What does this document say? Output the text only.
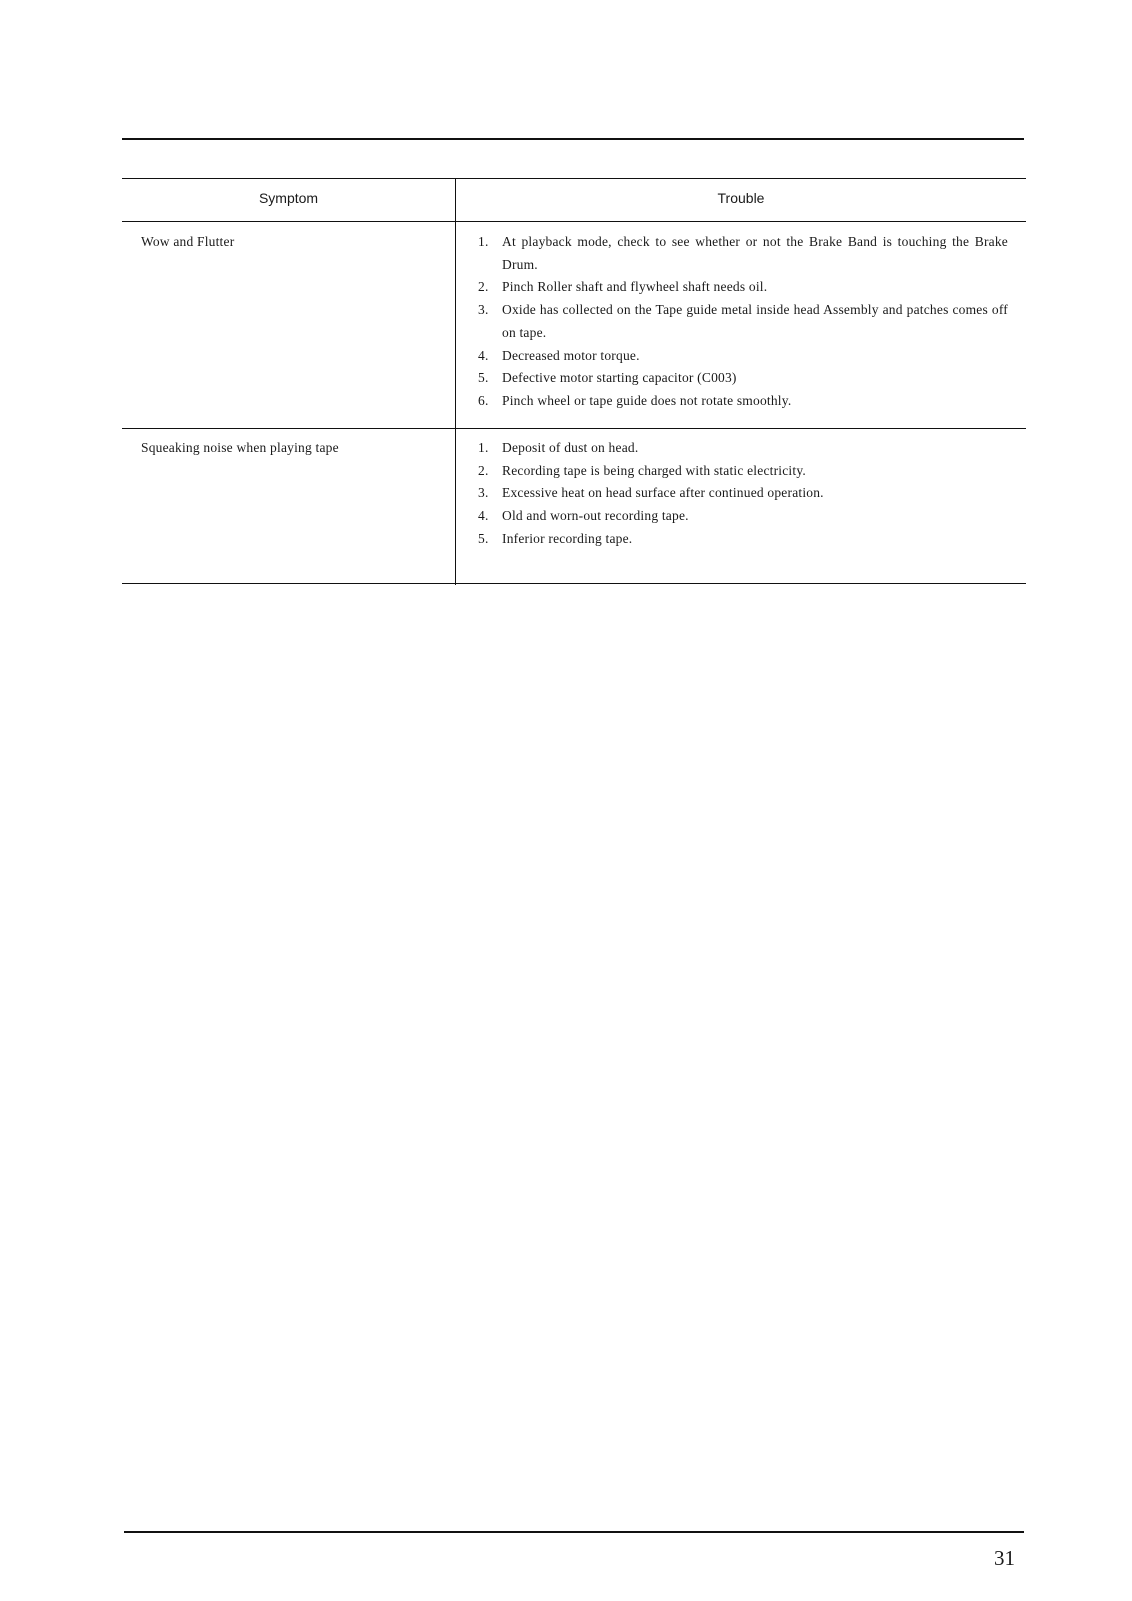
Symptom	Trouble
Wow and Flutter	1. At playback mode, check to see whether or not the Brake Band is touching the Brake Drum.
2. Pinch Roller shaft and flywheel shaft needs oil.
3. Oxide has collected on the Tape guide metal inside head Assembly and patches comes off on tape.
4. Decreased motor torque.
5. Defective motor starting capacitor (C003)
6. Pinch wheel or tape guide does not rotate smoothly.
Squeaking noise when playing tape	1. Deposit of dust on head.
2. Recording tape is being charged with static electricity.
3. Excessive heat on head surface after continued operation.
4. Old and worn-out recording tape.
5. Inferior recording tape.
31
